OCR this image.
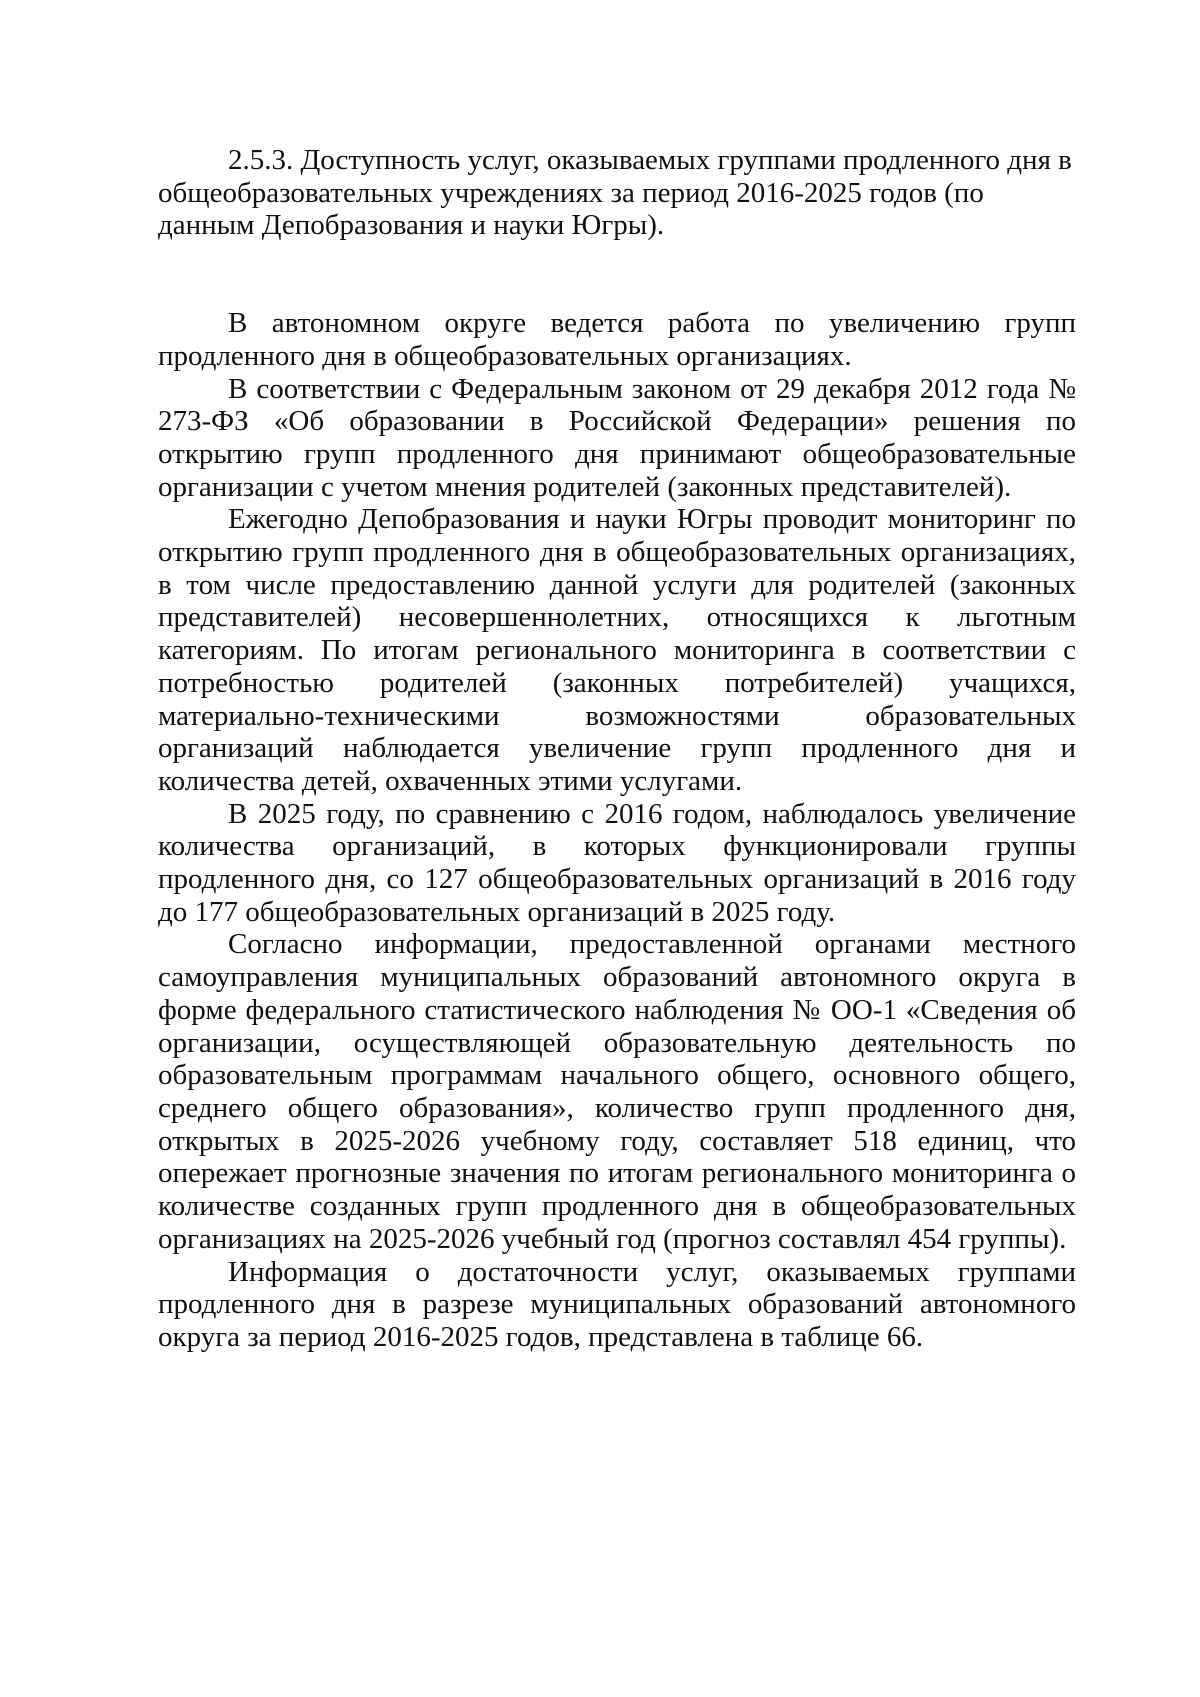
2.5.3. Доступность услуг, оказываемых группами продленного дня в общеобразовательных учреждениях за период 2016-2025 годов (по данным Депобразования и науки Югры).

В автономном округе ведется работа по увеличению групп продленного дня в общеобразовательных организациях.

В соответствии с Федеральным законом от 29 декабря 2012 года № 273-ФЗ «Об образовании в Российской Федерации» решения по открытию групп продленного дня принимают общеобразовательные организации с учетом мнения родителей (законных представителей).

Ежегодно Депобразования и науки Югры проводит мониторинг по открытию групп продленного дня в общеобразовательных организациях, в том числе предоставлению данной услуги для родителей (законных представителей) несовершеннолетних, относящихся к льготным категориям. По итогам регионального мониторинга в соответствии с потребностью родителей (законных потребителей) учащихся, материально-техническими возможностями образовательных организаций наблюдается увеличение групп продленного дня и количества детей, охваченных этими услугами.

В 2025 году, по сравнению с 2016 годом, наблюдалось увеличение количества организаций, в которых функционировали группы продленного дня, со 127 общеобразовательных организаций в 2016 году до 177 общеобразовательных организаций в 2025 году.

Согласно информации, предоставленной органами местного самоуправления муниципальных образований автономного округа в форме федерального статистического наблюдения № ОО-1 «Сведения об организации, осуществляющей образовательную деятельность по образовательным программам начального общего, основного общего, среднего общего образования», количество групп продленного дня, открытых в 2025-2026 учебному году, составляет 518 единиц, что опережает прогнозные значения по итогам регионального мониторинга о количестве созданных групп продленного дня в общеобразовательных организациях на 2025-2026 учебный год (прогноз составлял 454 группы).

Информация о достаточности услуг, оказываемых группами продленного дня в разрезе муниципальных образований автономного округа за период 2016-2025 годов, представлена в таблице 66.
